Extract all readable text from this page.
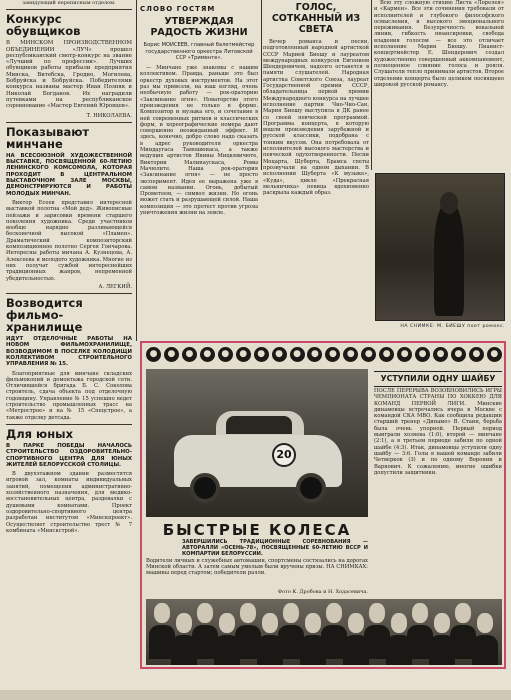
завидующий переписным отделом.
Конкурс обувщиков
В МИНСКОМ ПРОИЗВОДСТВЕННОМ ОБЪЕДИНЕНИИ «ЛУЧ» прошел республиканский смотр-конкурс на звание «Лучший по профессии». Лучших обувщиков работы прибыли предприятия Минска, Витебска, Гродно, Могилева, Бобруйска и Бобруйска. Победителями конкурса названы мастер Иван Позняк и Николай Богданов. Их наградили путевками на республиканское соревнование «Мастер Евгений Юровцев».
Т. НИКОЛАЕВА.
Показывают минчане
НА ВСЕСОЮЗНОЙ ХУДОЖЕСТВЕННОЙ ВЫСТАВКЕ, ПОСВЯЩЕННОЙ 60-ЛЕТИЮ ЛЕНИНСКОГО КОМСОМОЛА, КОТОРАЯ ПРОХОДИТ В ЦЕНТРАЛЬНОМ ВЫСТАВОЧНОМ ЗАЛЕ МОСКВЫ, ДЕМОНСТРИРУЮТСЯ И РАБОТЫ МОЛОДЫХ МИНЧАН.

Виктор Есеев представил интересной выставкой полотна «Мой дед». Живописные пейзажи и зарисовки времени старшего поколения художника. Среди участников вообще нарядно разливающейся бесконечной высокой «Пламен». Драматический композиторский композиционное полотно Сергея Гончарова. Интересны работы мичана А. Кузнецова, А. Алексеева и молодого художника. Многие из них получат сужбой интереснейших традиционных жанров, непременной убедительностью.

А. ЛЕГКИЙ.
Возводится фильмо-хранилище
ИДУТ ОТДЕЛОЧНЫЕ РАБОТЫ НА НОВОМ ФИЛЬМОХРАНИЛИЩЕ, ВОЗВОДИМОМ В ПОСЕЛКЕ КОЛОДИЩИ КОЛЛЕКТИВОМ СТРОИТЕЛЬНОГО УПРАВЛЕНИЯ № 15.

Благоприятные для минчане складских фильмокопий и демонтажа городской сети. Отличившейся бригада Б. С. Соколова строитель, сдача объекта под отделочную годовщину. Управление № 15 успешно ведет строительство промышленных трасс на «Метрострое» и на № 15 «Спецстрое», а также отделку детсада.

Для юных
В ПАРКЕ ПОБЕДЫ НАЧАЛОСЬ СТРОИТЕЛЬСТВО ОЗДОРОВИТЕЛЬНО-СПОРТИВНОГО ЦЕНТРА ДЛЯ ЮНЫХ ЖИТЕЛЕЙ БЕЛОРУССКОЙ СТОЛИЦЫ.

В двухэтажном здании разместятся игровой зал, комнаты индивидуальных занятий, помещения административно-хозяйственного назначения, для медико-восстановительных центра, раздевалки с душевыми комнатами. Проект оздоровительно-спортивного центра разработан институтом «Минскпроект». Осуществляет строительство трест № 7 комбината «Минскстрой».

СЛОВО ГОСТЯМ
УТВЕРЖДАЯ РАДОСТЬ ЖИЗНИ
Борис МОИСЕЕВ, главный балетмейстер государственного оркестра Литовской ССР «Трименте».

— Минчане уже знакомы с нашим коллективом. Правда, раньше это был оркестр духовых инструментов. На этот раз мы привезли, на наш взгляд, очень необычную работу — рок-ораторию «Заклинание огня». Новаторство этого произведения не только в форме. Композитор и музыка его, и сочетание в ней современных ритмов и классических форм, и хореографические номера дают совершенно неожиданный эффект. И здесь, конечно, добро слово надо сказать в адрес руководителя оркестра Миндаугаса Тамошюнаса, а также ведущих артистов Янины Мицкявичюте, Виктории Малинаускаса, Ромы Мачюлите. Наша рок-оратория «Заклинание огня» — не просто эксперимент. Идея ее выражена уже в самом названии. Огонь, добытый Прометеем, — символ жизни. Но огонь может стать и разрушающей силой. Наша композиция — это протест против угрозы уничтожения жизни на земле.

ГОЛОС, СОТКАННЫЙ ИЗ СВЕТА

Вечер романса и песни, подготовленный народной артисткой СССР Марией Биешу и лауреатом международных конкурсов Евгением Шендеровичем, надолго останется в памяти слушателей. Народная артистка Советского Союза, лауреат Государственной премии СССР, обладательница первой премии Международного конкурса на лучшее исполнение партии Чио-Чио-Сан, Мария Биешу выступила в ДК ранее со своей певческой программой. Программа концерта, в которую вошли произведения зарубежной и русской классики, подобрана с тонким вкусом. Она потребовала от исполнителей высокого мастерства и певческой одухотворенности. Песни Моцарта, Шуберта, Брамса спеты прозвучали на одном дыхании. В исполнении Шуберта «К музыке», «Куда», цикле «Прекрасная мельничиха» певица вдохновенно раскрыла каждый образ.

Всю эту сложную стихию Листа «Лорелея» и «Кармен». Все эти сочинения требовали от исполнителей и глубокого философского осмысления, и высокого эмоционального переживания. Безупречность вокальной линии, гибкость нюансировки, свобода владения голосом — все это отличает исполнение Марии Биешу. Пианист-концертмейстер Е. Шендерович создал художественно совершенный аккомпанемент, полноценное слияние голоса и рояля. Слушатели тепло принимали артистов. Второе отделение концерта было целиком посвящено широкой русской романсу.

НА СНИМКЕ: М. БИЕШУ поет романс.
●	●	●	●	●	●	●	●	●	●	●	●	●	●	●	●	●	●	●	●
20
УСТУПИЛИ ОДНУ ШАЙБУ
ПОСЛЕ ПЕРЕРЫВА ВОЗОБНОВИЛИСЬ ИГРЫ ЧЕМПИОНАТА СТРАНЫ ПО ХОККЕЮ ДЛЯ КОМАНД ПЕРВОЙ ЛИГИ. Минские динамовцы встречались вчера в Москве с командой СКА МВО. Как сообщила редакции старший тренер «Динамо» В. Стаин, борьба была очень упорной. Первый период выиграли хозяева (1:0), второй — минчане (2:1), а в третьем периоде забили по одной шайбе (4:3). Итак, динамовцы уступили одну шайбу — 3:6. Голы в нашей команде забили Четверков (3) и по одному Воронин и Варнович. К сожалению, многие ошибки допустили защитники.
БЫСТРЫЕ КОЛЕСА
ЗАВЕРШИЛИСЬ ТРАДИЦИОННЫЕ СОРЕВНОВАНИЯ — АВТОРАЛЛИ «ОСЕНЬ-78», ПОСВЯЩЕННЫЕ 60-ЛЕТИЮ ВССР И КОМПАРТИИ БЕЛОРУССИИ.
Водители личных и служебных автомашин, спортсмены состязались на дорогах Минской области. А затем самым умелым были вручены призы. НА СНИМКАХ: машины перед стартом; победители ралли.
Фото К. Дробова и Н. Ходасевича.
